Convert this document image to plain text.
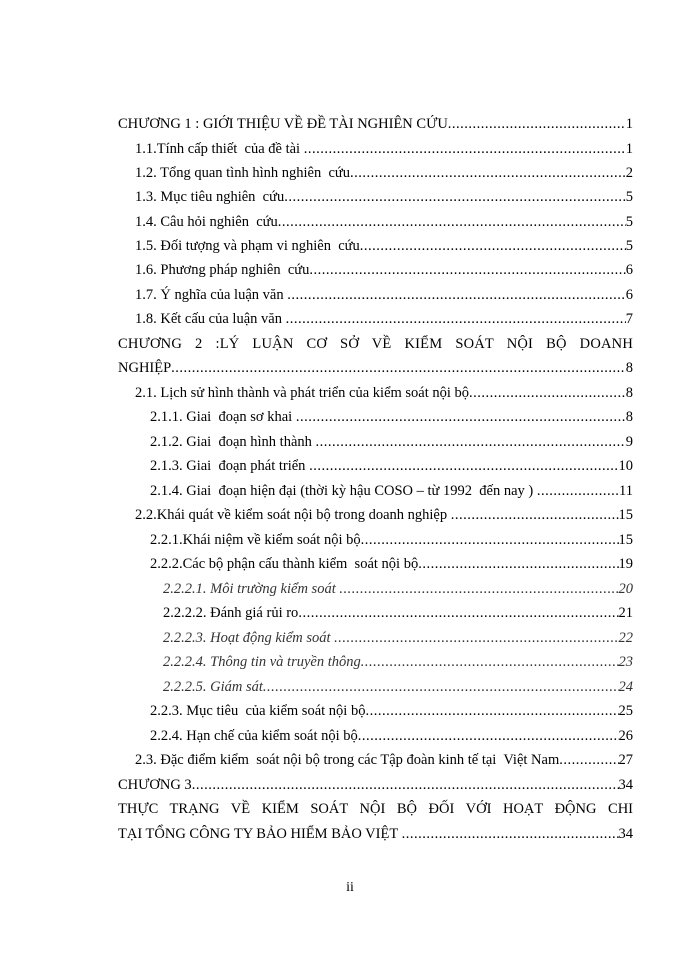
CHƯƠNG 1 : GIỚI THIỆU VỀ ĐỀ TÀI NGHIÊN CỨU .....	1
1.1.Tính cấp thiết  của đề tài .....	1
1.2. Tổng quan tình hình nghiên  cứu .....	2
1.3. Mục tiêu nghiên  cứu .....	5
1.4. Câu hỏi nghiên  cứu .....	5
1.5. Đối tượng và phạm vi nghiên  cứu .....	5
1.6. Phương pháp nghiên  cứu .....	6
1.7. Ý nghĩa của luận văn .....	6
1.8. Kết cấu của luận văn .....	7
CHƯƠNG 2 :LÝ LUẬN CƠ SỞ VỀ KIỂM SOÁT NỘI BỘ DOANH
NGHIỆP .....	8
2.1. Lịch sử hình thành và phát triển của kiểm soát nội bộ .....	8
2.1.1. Giai  đoạn sơ khai .....	8
2.1.2. Giai  đoạn hình thành .....	9
2.1.3. Giai  đoạn phát triển .....	10
2.1.4. Giai  đoạn hiện đại (thời kỳ hậu COSO – từ 1992  đến nay ) .....	11
2.2.Khái quát về kiểm soát nội bộ trong doanh nghiệp .....	15
2.2.1.Khái niệm về kiểm soát nội bộ .....	15
2.2.2.Các bộ phận cấu thành kiểm  soát nội bộ .....	19
2.2.2.1. Môi trường kiểm soát .....	20
2.2.2.2. Đánh giá rủi ro .....	21
2.2.2.3. Hoạt động kiểm soát .....	22
2.2.2.4. Thông tin và truyền thông .....	23
2.2.2.5. Giám sát .....	24
2.2.3. Mục tiêu  của kiểm soát nội bộ .....	25
2.2.4. Hạn chế của kiểm soát nội bộ .....	26
2.3. Đặc điểm kiểm  soát nội bộ trong các Tập đoàn kinh tế tại  Việt Nam .....	27
CHƯƠNG 3 .....	34
THỰC TRẠNG VỀ KIỂM SOÁT NỘI BỘ ĐỐI VỚI HOẠT ĐỘNG CHI
TẠI TỔNG CÔNG TY BẢO HIỂM BẢO VIỆT .....	34
ii
